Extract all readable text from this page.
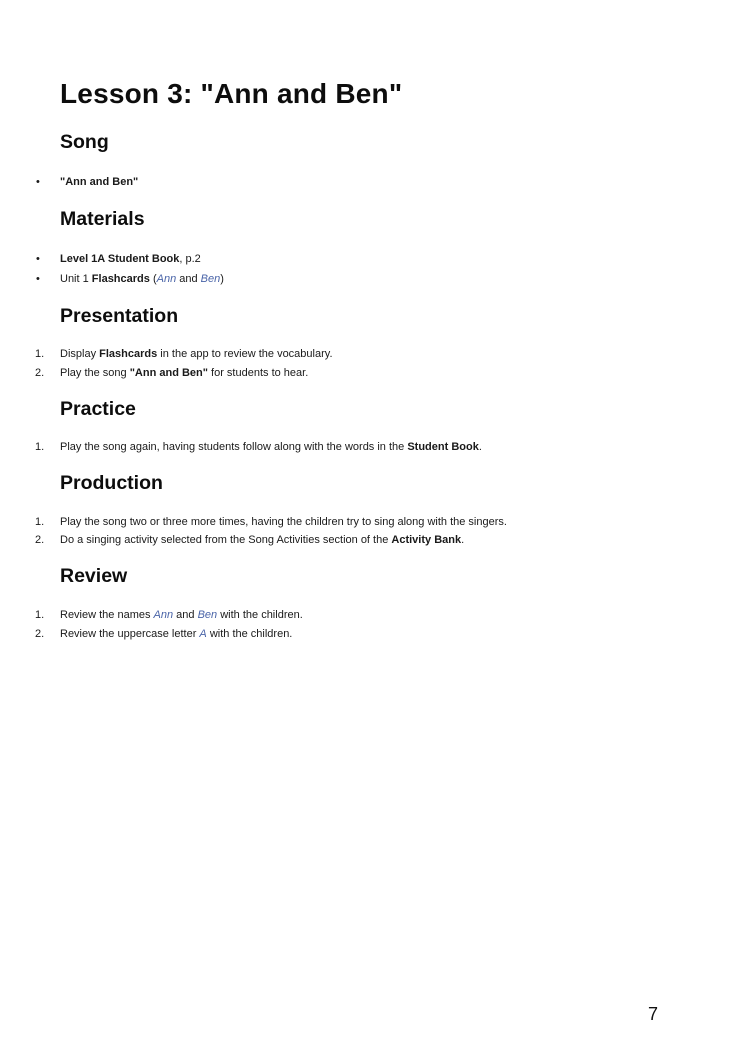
Lesson 3: "Ann and Ben"
Song
•	"Ann and Ben"
Materials
•	Level 1A Student Book, p.2
•	Unit 1 Flashcards (Ann and Ben)
Presentation
1.	Display Flashcards in the app to review the vocabulary.
2.	Play the song "Ann and Ben" for students to hear.
Practice
1.	Play the song again, having students follow along with the words in the Student Book.
Production
1.	Play the song two or three more times, having the children try to sing along with the singers.
2.	Do a singing activity selected from the Song Activities section of the Activity Bank.
Review
1.	Review the names Ann and Ben with the children.
2.	Review the uppercase letter A with the children.
7
